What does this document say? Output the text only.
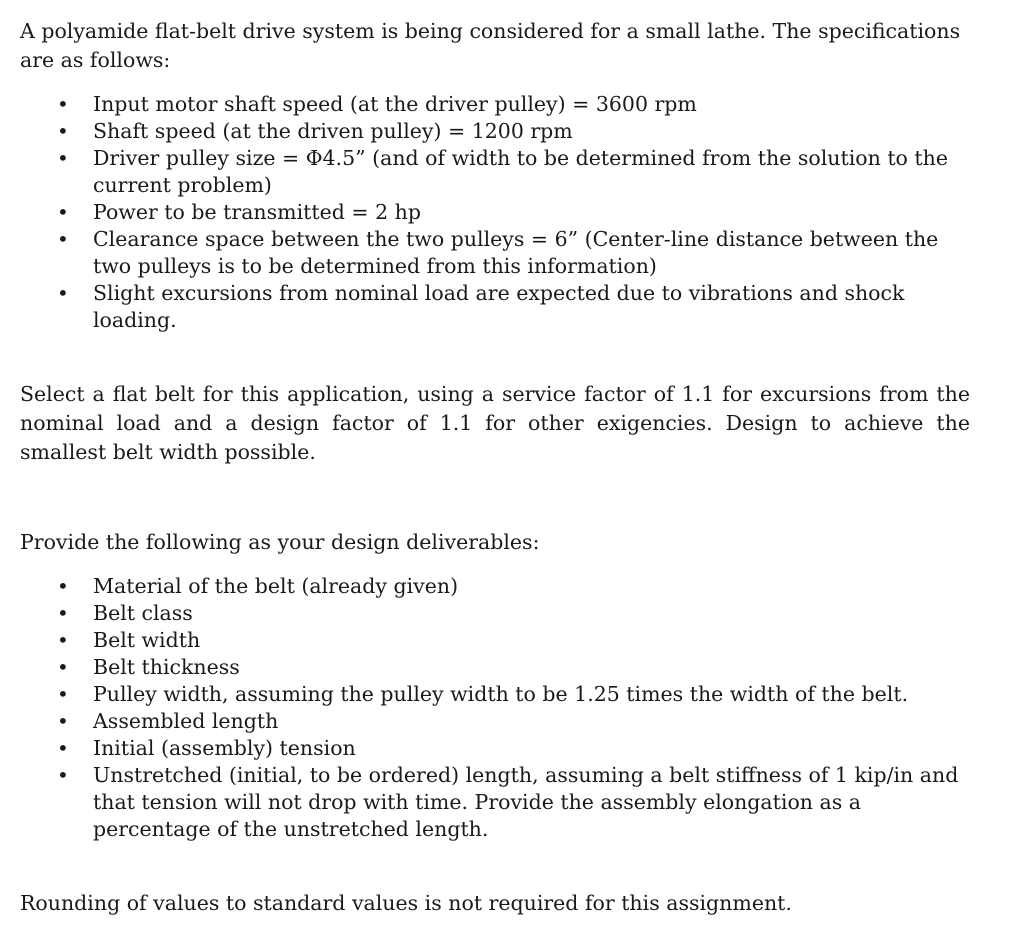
A polyamide flat-belt drive system is being considered for a small lathe. The specifications are as follows:

• Input motor shaft speed (at the driver pulley) = 3600 rpm
• Shaft speed (at the driven pulley) = 1200 rpm
• Driver pulley size = Φ4.5” (and of width to be determined from the solution to the current problem)
• Power to be transmitted = 2 hp
• Clearance space between the two pulleys = 6” (Center-line distance between the two pulleys is to be determined from this information)
• Slight excursions from nominal load are expected due to vibrations and shock loading.

Select a flat belt for this application, using a service factor of 1.1 for excursions from the nominal load and a design factor of 1.1 for other exigencies. Design to achieve the smallest belt width possible.

Provide the following as your design deliverables:

• Material of the belt (already given)
• Belt class
• Belt width
• Belt thickness
• Pulley width, assuming the pulley width to be 1.25 times the width of the belt.
• Assembled length
• Initial (assembly) tension
• Unstretched (initial, to be ordered) length, assuming a belt stiffness of 1 kip/in and that tension will not drop with time. Provide the assembly elongation as a percentage of the unstretched length.

Rounding of values to standard values is not required for this assignment.
